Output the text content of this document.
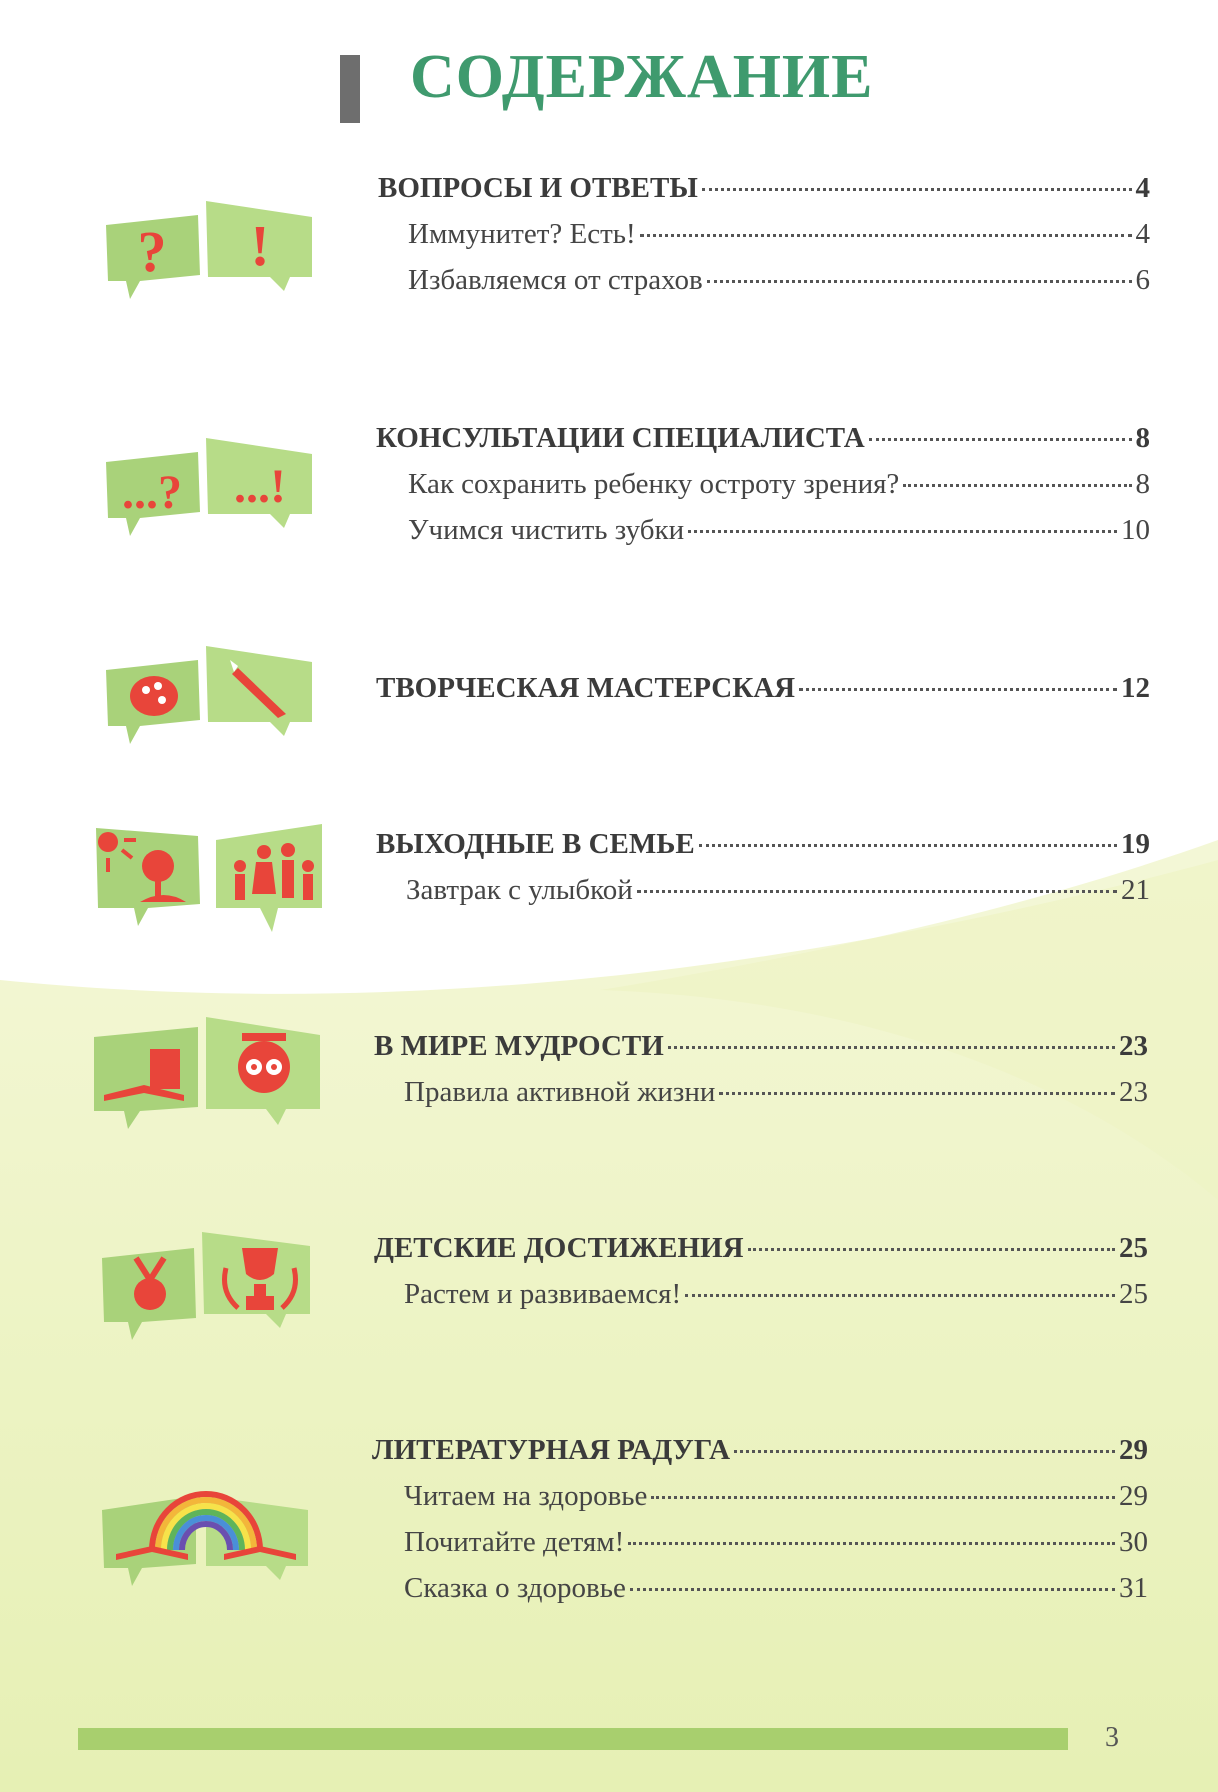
СОДЕРЖАНИЕ
? !
ВОПРОСЫ И ОТВЕТЫ	4
Иммунитет? Есть!	4
Избавляемся от страхов	6
...? ...!
КОНСУЛЬТАЦИИ СПЕЦИАЛИСТА	8
Как сохранить ребенку остроту зрения?	8
Учимся чистить зубки	10
ТВОРЧЕСКАЯ МАСТЕРСКАЯ	12
ВЫХОДНЫЕ В СЕМЬЕ	19
Завтрак с улыбкой	21
В МИРЕ МУДРОСТИ	23
Правила активной жизни	23
ДЕТСКИЕ ДОСТИЖЕНИЯ	25
Растем и развиваемся!	25
ЛИТЕРАТУРНАЯ РАДУГА	29
Читаем на здоровье	29
Почитайте детям!	30
Сказка о здоровье	31
3
